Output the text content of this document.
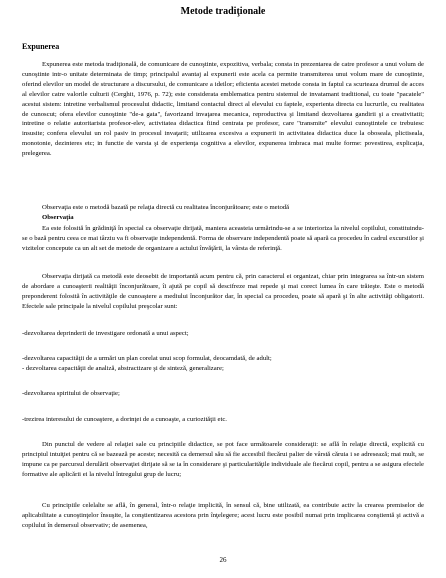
Metode tradiţionale
Expunerea
Expunerea este metoda tradiţională, de comunicare de cunoştinte, expozitiva, verbala; consta in prezentarea de catre profesor a unui volum de cunoştinte intr-o unitate determinata de timp; principalul avantaj al expunerii este acela ca permite transmiterea unui volum mare de cunoştinte, oferind elevilor un model de structurare a discursului, de comunicare a ideilor; eficienta acestei metode consta in faptul ca scurteaza drumul de acces al elevilor catre valorile culturii (Cerghit, 1976, p. 72); este considerata emblematica pentru sistemul de invatamant traditional, cu toate "pacatele" acestui sistem: intretine verbalismul procesului didactic, limitand contactul direct al elevului cu faptele, experienta directa cu lucrurile, cu realitatea de cunoscut; ofera elevilor cunoştinte "de-a gata", favorizand invaţarea mecanica, reproductiva şi limitand dezvoltarea gandirii şi a creativitatii; intretine o relatie autoritarista profesor-elev, activitatea didactica fiind centrata pe profesor, care "transmite" elevului cunoştintele ce trebuiesc insusite; confera elevului un rol pasiv in procesul invaţarii; utilizarea excesiva a expunerii in activitatea didactica duce la oboseala, plictiseala, monotonie, dezinteres etc; in functie de varsta şi de experienţa cognitiva a elevilor, expunerea imbraca mai multe forme: povestirea, explicaţia, prelegerea.
Observaţia este o metodă bazată pe relaţia directă cu realitatea înconjurătoare; este o metodă
Observaţia
Ea este folosită în grădiniţă în special ca observaţie dirijată, maniera aceasteia urmărindu-se a se interioriza la nivelul copilului, constituindu-se o bază pentru ceea ce mai târziu va fi observaţie independentă. Forma de observare independentă poate să apară ca procedeu în cadrul excursiilor şi vizitelor concepute ca un alt set de metode de organizare a actului învăţării, la vârsta de referinţă.
Observaţia dirijată ca metodă este deosebit de importantă acum pentru că, prin caracterul ei organizat, chiar prin integrarea sa într-un sistem de abordare a cunoaşterii realităţii înconjurătoare, îi ajută pe copil să descifreze mai repede şi mai corect lumea în care trăieşte. Este o metodă preponderent folosită în activităţile de cunoaştere a mediului înconjurător dar, în special ca procedeu, poate să apară şi în alte activităţi obligatorii. Efectele sale principale la nivelul copilului preşcolar sunt:
-dezvoltarea deprinderii de investigare ordonată a unui aspect;
-dezvoltarea capacităţii de a urmări un plan corelat unui scop formulat, deocamdată, de adult;
- dezvoltarea capacităţii de analiză, abstractizare şi de sinteză, generalizare;
-dezvoltarea spiritului de observaţie;
-trezirea interesului de cunoaştere, a dorinţei de a cunoaşte, a curiozităţii etc.
Din punctul de vedere al relaţiei sale cu principiile didactice, se pot face următoarele consideraţii: se află în relaţie directă, explicită cu principiul intuiţiei pentru că se bazează pe aceste; necesită ca demersul său să fie accesibil fiecărui palier de vârstă căruia i se adresează; mai mult, se impune ca pe parcursul derulării observaţiei dirijate să se ia în considerare şi particularităţile individuale ale fiecărui copil, pentru a se asigura efectele formative ale aplicării ei la nivelul întregului grup de lucru;
Cu principiile celelalte se află, în general, într-o relaţie implicită, în sensul că, bine utilizată, ea contribuie activ la crearea premiselor de aplicabilitate a cunoştinţelor însuşite, la conştientizarea acestora prin înţelegere; acest lucru este posibil numai prin implicarea conştientă şi activă a copilului în demersul observativ; de asemenea,
26
